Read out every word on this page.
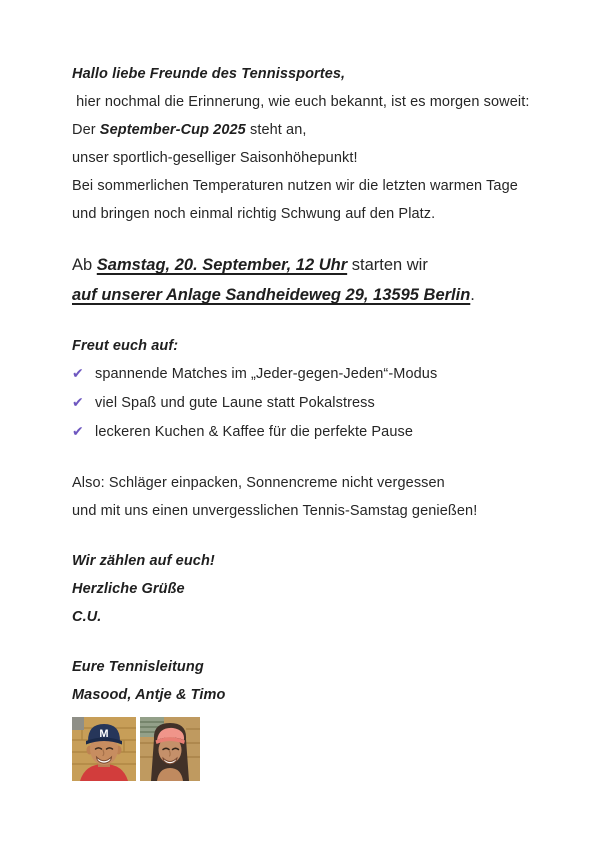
Hallo liebe Freunde des Tennissportes,
hier nochmal die Erinnerung, wie euch bekannt, ist es morgen soweit:
Der September-Cup 2025 steht an,
unser sportlich-geselliger Saisonhöhepunkt!
Bei sommerlichen Temperaturen nutzen wir die letzten warmen Tage
und bringen noch einmal richtig Schwung auf den Platz.
Ab Samstag, 20. September, 12 Uhr starten wir
auf unserer Anlage Sandheideweg 29, 13595 Berlin.
Freut euch auf:
✔ spannende Matches im „Jeder-gegen-Jeden“-Modus
✔ viel Spaß und gute Laune statt Pokalstress
✔ leckeren Kuchen & Kaffee für die perfekte Pause
Also: Schläger einpacken, Sonnencreme nicht vergessen
und mit uns einen unvergesslichen Tennis-Samstag genießen!
Wir zählen auf euch!
Herzliche Grüße
C.U.
Eure Tennisleitung
Masood, Antje & Timo
M
